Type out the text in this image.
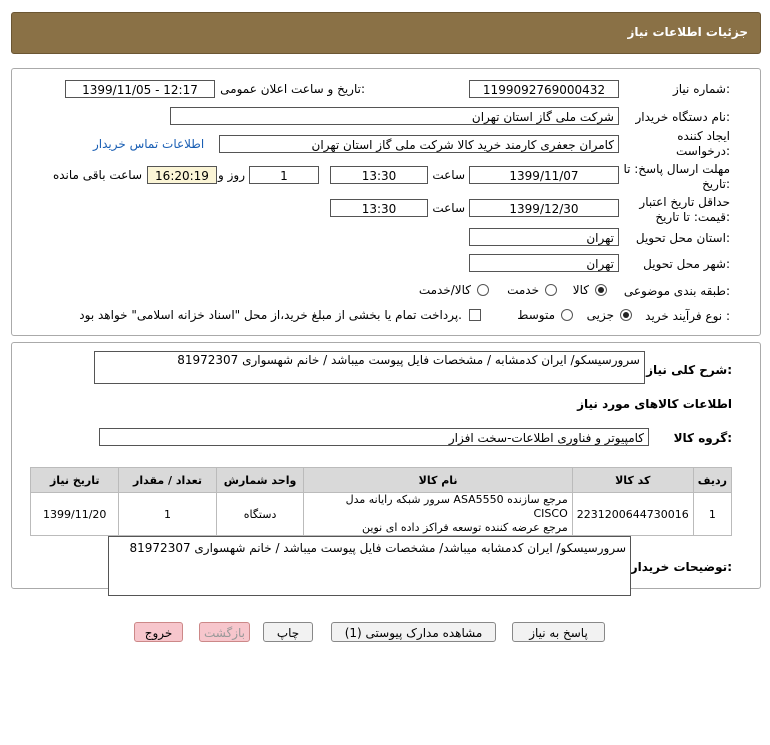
جزئیات اطلاعات نیاز
شماره نیاز:
1199092769000432
تاریخ و ساعت اعلان عمومی:
1399/11/05 - 12:17
نام دستگاه خریدار:
شرکت ملی گاز استان تهران
ایجاد کننده درخواست:
کامران جعفری کارمند خرید کالا شرکت ملی گاز استان تهران
اطلاعات تماس خریدار
مهلت ارسال پاسخ: تا تاریخ:
1399/11/07
ساعت
13:30
1
روز و
16:20:19
ساعت باقی مانده
حداقل تاریخ اعتبار قیمت: تا تاریخ:
1399/12/30
ساعت
13:30
استان محل تحویل:
تهران
شهر محل تحویل:
تهران
طبقه بندی موضوعی:
کالا
خدمت
کالا/خدمت
نوع فرآیند خرید :
جزیی
متوسط
پرداخت تمام یا بخشی از مبلغ خرید،از محل "اسناد خزانه اسلامی" خواهد بود.
شرح کلی نیاز:
سرورسیسکو/ ایران کدمشابه / مشخصات فایل پیوست میباشد / خانم شهسواری 81972307
اطلاعات کالاهای مورد نیاز
گروه کالا:
کامپیوتر و فناوری اطلاعات-سخت افزار
تاریخ نیاز	تعداد / مقدار	واحد شمارش	نام کالا	کد کالا	ردیف
1399/11/20	1	دستگاه	سرور شبکه رایانه مدل ASA5550 مرجع سازنده CISCO
مرجع عرضه کننده توسعه فراکز داده ای نوین	2231200644730016	1
توضیحات خریدار:
سرورسیسکو/ ایران کدمشابه میباشد/ مشخصات فایل پیوست میباشد / خانم شهسواری 81972307
پاسخ به نیاز
مشاهده مدارک پیوستی (1)
چاپ
بازگشت
خروج
